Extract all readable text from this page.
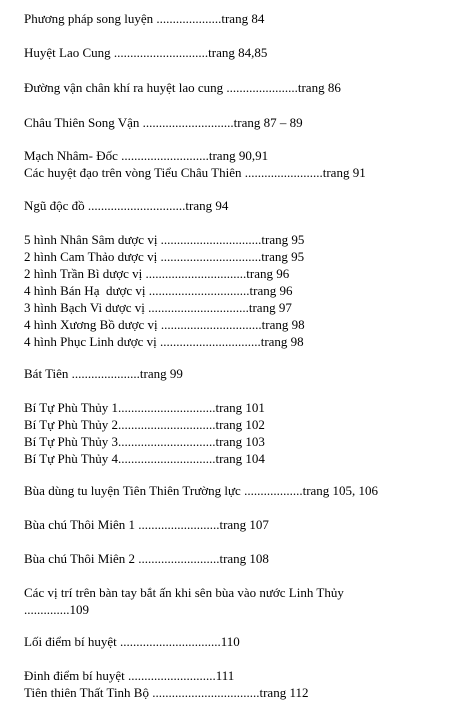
Phương pháp song luyện ....................trang 84
Huyệt Lao Cung .............................trang 84,85
Đường vận chân khí ra huyệt lao cung ......................trang 86
Châu Thiên Song Vận ............................trang 87 – 89
Mạch Nhâm- Đốc ...........................trang 90,91
Các huyệt đạo trên vòng Tiểu Châu Thiên ........................trang 91
Ngũ độc đồ ..............................trang 94
5 hình Nhân Sâm dược vị ...............................trang 95
2 hình Cam Thảo dược vị ...............................trang 95
2 hình Trần Bì dược vị ...............................trang 96
4 hình Bán Hạ  dược vị ...............................trang 96
3 hình Bạch Vi dược vị ...............................trang 97
4 hình Xương Bồ dược vị ...............................trang 98
4 hình Phục Linh dược vị ...............................trang 98
Bát Tiên .....................trang 99
Bí Tự Phù Thủy 1..............................trang 101
Bí Tự Phù Thủy 2..............................trang 102
Bí Tự Phù Thủy 3..............................trang 103
Bí Tự Phù Thủy 4..............................trang 104
Bùa dùng tu luyện Tiên Thiên Trường lực ..................trang 105, 106
Bùa chú Thôi Miên 1 .........................trang 107
Bùa chú Thôi Miên 2 .........................trang 108
Các vị trí trên bàn tay bắt ấn khi sên bùa vào nước Linh Thủy ..............109
Lối điểm bí huyệt ...............................110
Đinh điểm bí huyệt ...........................111
Tiên thiên Thất Tinh Bộ .................................trang 112
